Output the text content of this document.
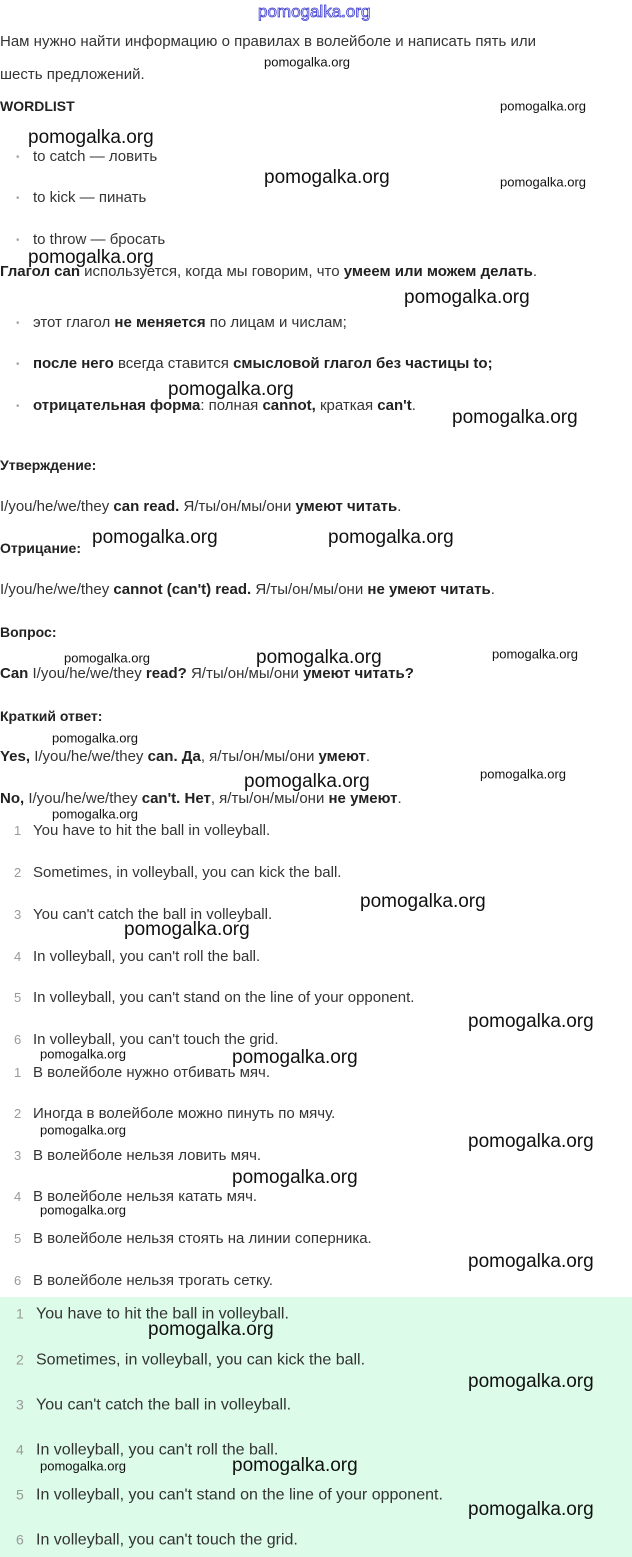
Нам нужно найти информацию о правилах в волейболе и написать пять или
шесть предложений.
WORDLIST
• to catch — ловить
• to kick — пинать
• to throw — бросать
Глагол can используется, когда мы говорим, что умеем или можем делать.
• этот глагол не меняется по лицам и числам;
• после него всегда ставится смысловой глагол без частицы to;
• отрицательная форма: полная cannot, краткая can't.
Утверждение:
I/you/he/we/they can read. Я/ты/он/мы/они умеют читать.
Отрицание:
I/you/he/we/they cannot (can't) read. Я/ты/он/мы/они не умеют читать.
Вопрос:
Can I/you/he/we/they read? Я/ты/он/мы/они умеют читать?
Краткий ответ:
Yes, I/you/he/we/they can. Да, я/ты/он/мы/они умеют.
No, I/you/he/we/they can't. Нет, я/ты/он/мы/они не умеют.
1 You have to hit the ball in volleyball.
2 Sometimes, in volleyball, you can kick the ball.
3 You can't catch the ball in volleyball.
4 In volleyball, you can't roll the ball.
5 In volleyball, you can't stand on the line of your opponent.
6 In volleyball, you can't touch the grid.
1 В волейболе нужно отбивать мяч.
2 Иногда в волейболе можно пинуть по мячу.
3 В волейболе нельзя ловить мяч.
4 В волейболе нельзя катать мяч.
5 В волейболе нельзя стоять на линии соперника.
6 В волейболе нельзя трогать сетку.
1 You have to hit the ball in volleyball.
2 Sometimes, in volleyball, you can kick the ball.
3 You can't catch the ball in volleyball.
4 In volleyball, you can't roll the ball.
5 In volleyball, you can't stand on the line of your opponent.
6 In volleyball, you can't touch the grid.
pomogalka.org
pomogalka.org
pomogalka.org	pomogalka.org
pomogalka.org
pomogalka.org
pomogalka.org
pomogalka.org
pomogalka.org
pomogalka.org
pomogalka.org	pomogalka.org
pomogalka.org	pomogalka.org	pomogalka.org
pomogalka.org
pomogalka.org	pomogalka.org
pomogalka.org
pomogalka.org
pomogalka.org
pomogalka.org
pomogalka.org	pomogalka.org
pomogalka.org
pomogalka.org
pomogalka.org
pomogalka.org
pomogalka.org
pomogalka.org
pomogalka.org
pomogalka.org	pomogalka.org
pomogalka.org
